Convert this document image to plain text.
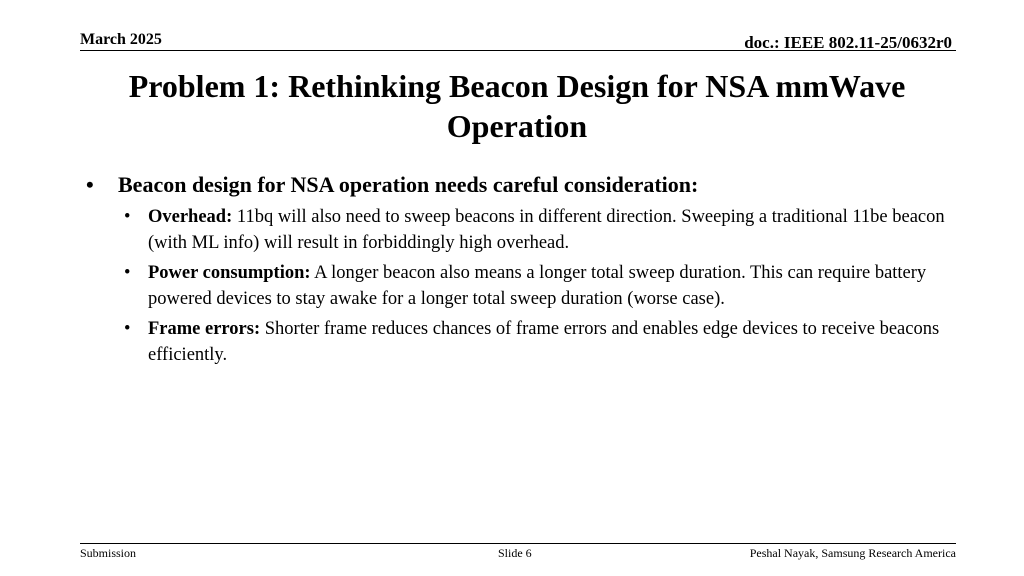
March 2025	doc.: IEEE 802.11-25/0632r0
Problem 1: Rethinking Beacon Design for NSA mmWave Operation
•	Beacon design for NSA operation needs careful consideration:
• Overhead: 11bq will also need to sweep beacons in different direction. Sweeping a traditional 11be beacon (with ML info) will result in forbiddingly high overhead.
• Power consumption: A longer beacon also means a longer total sweep duration. This can require battery powered devices to stay awake for a longer total sweep duration (worse case).
• Frame errors: Shorter frame reduces chances of frame errors and enables edge devices to receive beacons efficiently.
Submission	Slide 6	Peshal Nayak, Samsung Research America
